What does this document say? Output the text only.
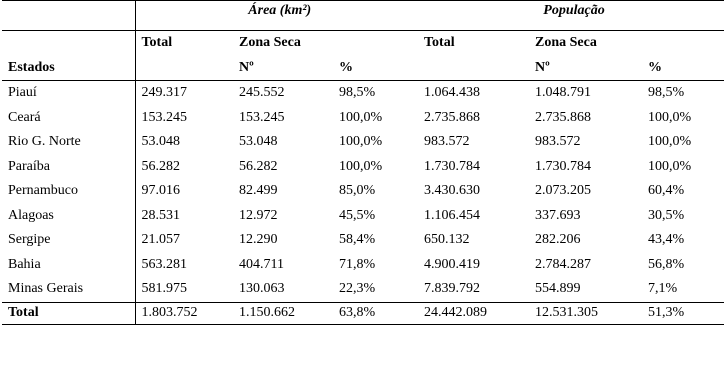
	Área (km²)			População		
	Total	Zona Seca		Total	Zona Seca	
Estados		Nº	%		Nº	%
Piauí	249.317	245.552	98,5%	1.064.438	1.048.791	98,5%
Ceará	153.245	153.245	100,0%	2.735.868	2.735.868	100,0%
Rio G. Norte	53.048	53.048	100,0%	983.572	983.572	100,0%
Paraíba	56.282	56.282	100,0%	1.730.784	1.730.784	100,0%
Pernambuco	97.016	82.499	85,0%	3.430.630	2.073.205	60,4%
Alagoas	28.531	12.972	45,5%	1.106.454	337.693	30,5%
Sergipe	21.057	12.290	58,4%	650.132	282.206	43,4%
Bahia	563.281	404.711	71,8%	4.900.419	2.784.287	56,8%
Minas Gerais	581.975	130.063	22,3%	7.839.792	554.899	7,1%
Total	1.803.752	1.150.662	63,8%	24.442.089	12.531.305	51,3%
